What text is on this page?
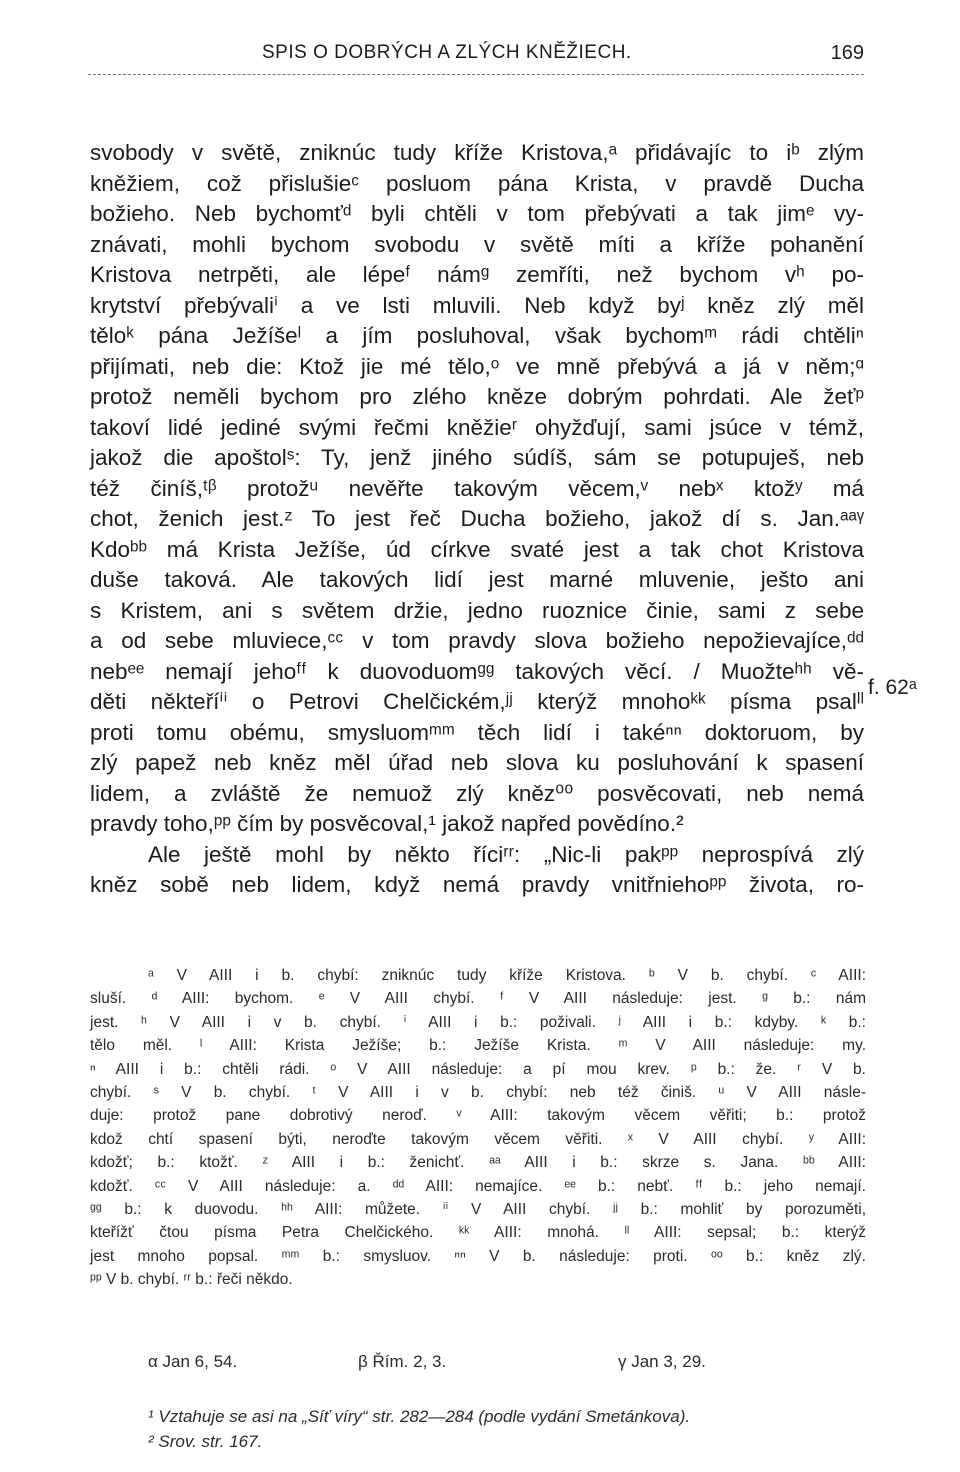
SPIS O DOBRÝCH A ZLÝCH KNĚŽIECH.	169
svobody v světě, zniknúc tudy kříže Kristova,ᵃ přidávajíc to iᵇ zlým
kněžiem, což přislušieᶜ posluom pána Krista, v pravdě Ducha
božieho. Neb bychomťᵈ byli chtěli v tom přebývati a tak jimᵉ vy-
znávati, mohli bychom svobodu v světě míti a kříže pohanění
Kristova netrpěti, ale lépeᶠ námᵍ zemříti, než bychom vʰ po-
krytství přebývaliⁱ a ve lsti mluvili. Neb když byʲ kněz zlý měl
tělоᵏ pána Ježíšeˡ a jím posluhoval, však bychomᵐ rádi chtěliⁿ
přijímati, neb die: Ktož jie mé tělo,ᵒ ve mně přebývá a já v něm;ᵅ
protož neměli bychom pro zlého kněze dobrým pohrdati. Ale žeťᵖ
takoví lidé jediné svými řečmi kněžieʳ ohyžďují, sami jsúce v témž,
jakož die apoštolˢ: Ty, jenž jiného súdíš, sám se potupuješ, neb
též činíš,ᵗᵝ protožᵘ nevěřte takovým věcem,ᵛ nebˣ ktožʸ má
chot, ženich jest.ᶻ To jest řeč Ducha božieho, jakož dí s. Jan.ᵃᵃᵞ
Kdoᵇᵇ má Krista Ježíše, úd církve svaté jest a tak chot Kristova
duše taková. Ale takových lidí jest marné mluvenie, ješto ani
s Kristem, ani s světem držie, jedno ruoznice činie, sami z sebe
a od sebe mluviece,ᶜᶜ v tom pravdy slova božieho nepožievajíce,ᵈᵈ
nebᵉᵉ nemají jehoᶠᶠ k duovoduomᵍᵍ takových věcí. / Muožteʰʰ vě-
děti někteříⁱⁱ o Petrovi Chelčickém,ʲʲ kterýž mnohoᵏᵏ písma psalˡˡ
proti tomu obému, smysluomᵐᵐ těch lidí i takéⁿⁿ doktoruom, by
zlý papež neb kněz měl úřad neb slova ku posluhování k spasení
lidem, a zvláště že nemuož zlý kněz⁰⁰ posvěcovati, neb nemá
pravdy toho,ᵖᵖ čím by posvěcoval,¹ jakož napřed povědíno.²
Ale ještě mohl by někto říciʳʳ: „Nic-li pakᵖᵖ neprospívá zlý
kněz sobě neb lidem, když nemá pravdy vnitřniehoᵖᵖ života, ro-
f. 62ᵃ
ᵃ V AIII i b. chybí: zniknúc tudy kříže Kristova. ᵇ V b. chybí. ᶜ AIII:
sluší. ᵈ AIII: bychom. ᵉ V AIII chybí. ᶠ V AIII následuje: jest. ᵍ b.: nám
jest. ʰ V AIII i v b. chybí. ⁱ AIII i b.: poživali. ʲ AIII i b.: kdyby. ᵏ b.:
tělo měl. ˡ AIII: Krista Ježíše; b.: Ježíše Krista. ᵐ V AIII následuje: my.
ⁿ AIII i b.: chtěli rádi. ᵒ V AIII následuje: a pí mou krev. ᵖ b.: že. ʳ V b.
chybí. ˢ V b. chybí. ᵗ V AIII i v b. chybí: neb též činiš. ᵘ V AIII násle-
duje: protož pane dobrotivý neroď. ᵛ AIII: takovým věcem věřiti; b.: protož
kdož chtí spasení býti, neroďte takovým věcem věřiti. ˣ V AIII chybí. ʸ AIII:
kdožť; b.: ktožť. ᶻ AIII i b.: ženichť. ᵃᵃ AIII i b.: skrze s. Jana. ᵇᵇ AIII:
kdožť. ᶜᶜ V AIII následuje: a. ᵈᵈ AIII: nemajíce. ᵉᵉ b.: nebť. ᶠᶠ b.: jeho nemají.
ᵍᵍ b.: k duovodu. ʰʰ AIII: můžete. ⁱⁱ V AIII chybí. ʲʲ b.: mohliť by porozuměti,
kteřížť čtou písma Petra Chelčického. ᵏᵏ AIII: mnohá. ˡˡ AIII: sepsal; b.: kterýž
jest mnoho popsal. ᵐᵐ b.: smysluov. ⁿⁿ V b. následuje: proti. ᵒᵒ b.: kněz zlý.
ᵖᵖ V b. chybí. ʳʳ b.: řeči někdo.
α Jan 6, 54.	β Řím. 2, 3.	γ Jan 3, 29.
¹ Vztahuje se asi na „Síť víry“ str. 282—284 (podle vydání Smetánkova).
² Srov. str. 167.
